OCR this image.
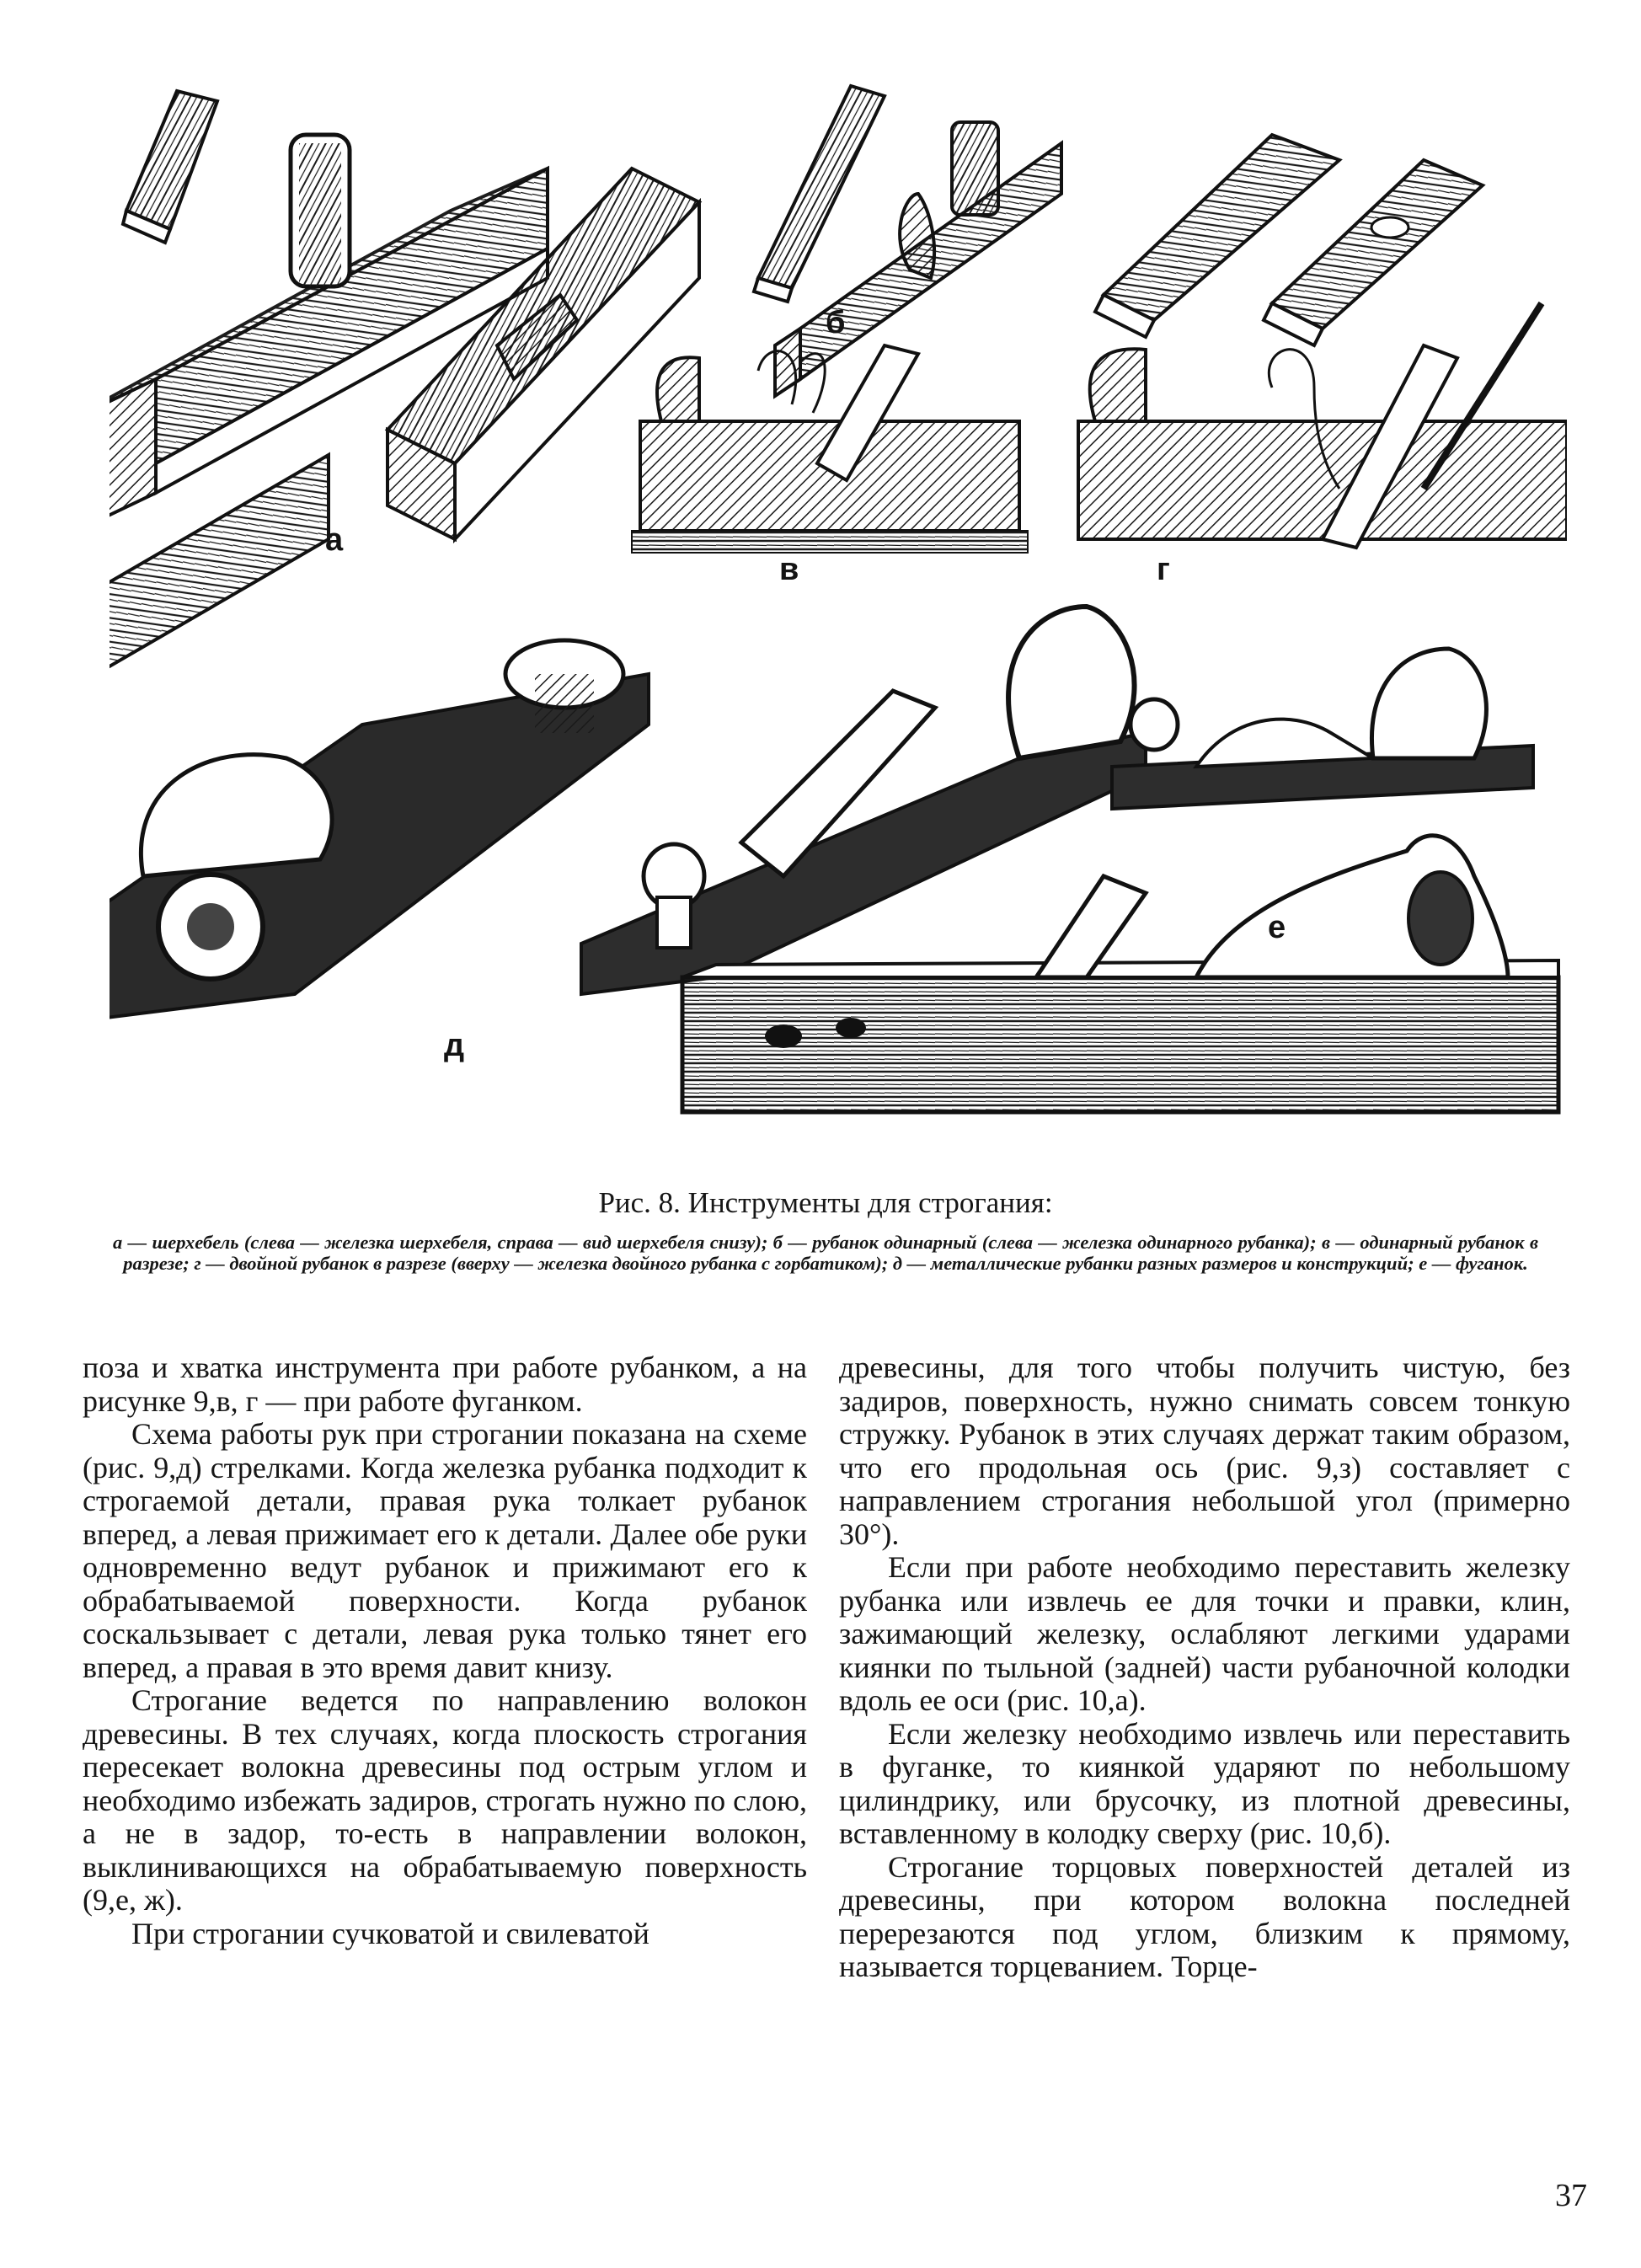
а
б
в	г
д
е
Рис. 8. Инструменты для строгания:
а — шерхебель (слева — железка шерхебеля, справа — вид шерхебеля снизу); б — рубанок одинарный (слева — железка одинарного рубанка); в — одинарный рубанок в разрезе; г — двойной рубанок в разрезе (вверху — железка двойного рубанка с горбатиком); д — металлические рубанки разных размеров и конструкций; е — фуганок.

поза и хватка инструмента при работе рубанком, а на рисунке 9,в, г — при работе фуганком.

Схема работы рук при строгании показана на схеме (рис. 9,д) стрелками. Когда железка рубанка подходит к строгаемой детали, правая рука толкает рубанок вперед, а левая прижимает его к детали. Далее обе руки одновременно ведут рубанок и прижимают его к обрабатываемой поверхности. Когда рубанок соскальзывает с детали, левая рука только тянет его вперед, а правая в это время давит книзу.

Строгание ведется по направлению волокон древесины. В тех случаях, когда плоскость строгания пересекает волокна древесины под острым углом и необходимо избежать задиров, строгать нужно по слою, а не в задор, то-есть в направлении волокон, выклинивающихся на обрабатываемую поверхность (9,е, ж).

При строгании сучковатой и свилеватой

древесины, для того чтобы получить чистую, без задиров, поверхность, нужно снимать совсем тонкую стружку. Рубанок в этих случаях держат таким образом, что его продольная ось (рис. 9,з) составляет с направлением строгания небольшой угол (примерно 30°).

Если при работе необходимо переставить железку рубанка или извлечь ее для точки и правки, клин, зажимающий железку, ослабляют легкими ударами киянки по тыльной (задней) части рубаночной колодки вдоль ее оси (рис. 10,а).

Если железку необходимо извлечь или переставить в фуганке, то киянкой ударяют по небольшому цилиндрику, или брусочку, из плотной древесины, вставленному в колодку сверху (рис. 10,б).

Строгание торцовых поверхностей деталей из древесины, при котором волокна последней перерезаются под углом, близким к прямому, называется торцеванием. Торце-

37
